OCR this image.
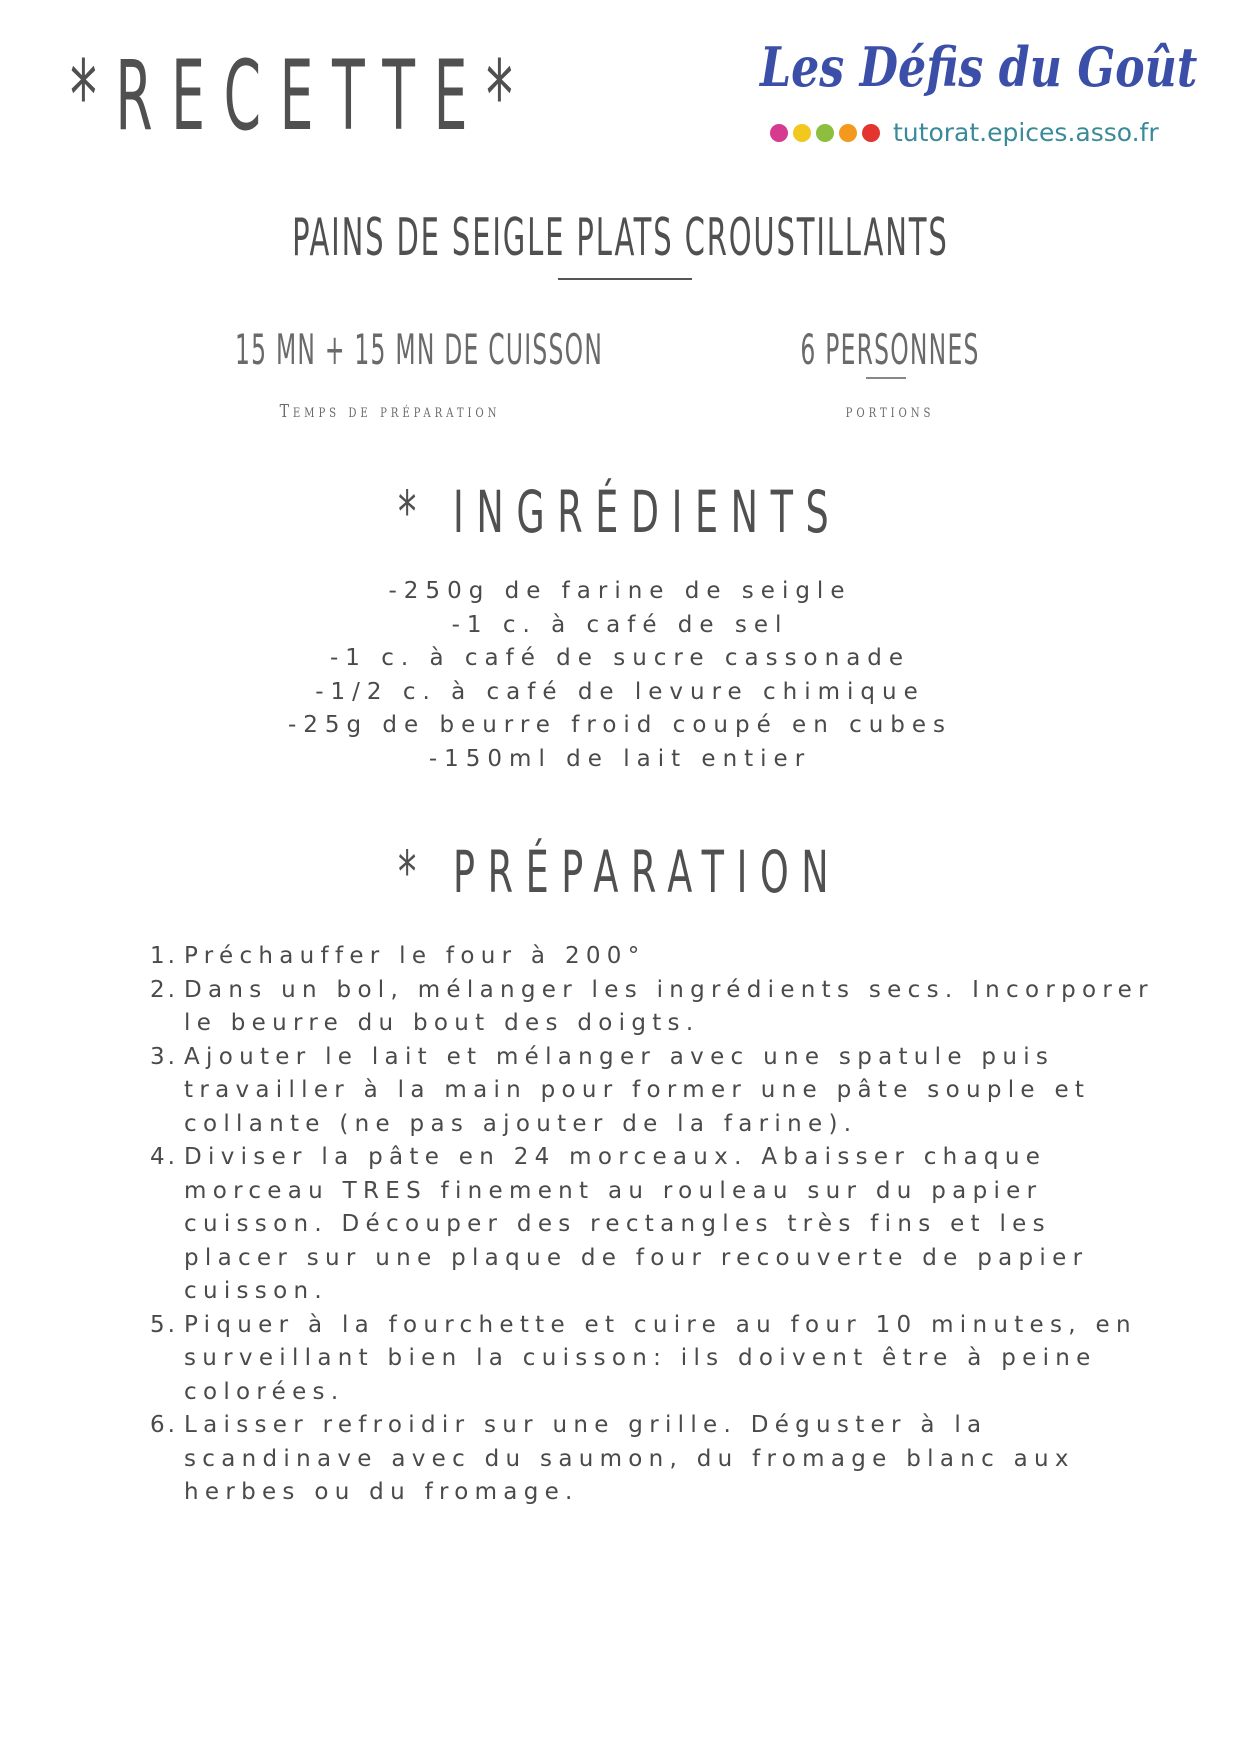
*RECETTE*	Les Défis du Goût
tutorat.epices.asso.fr
PAINS DE SEIGLE PLATS CROUSTILLANTS
15 MN + 15 MN DE CUISSON
Temps de préparation
6 PERSONNES
portions
* INGRÉDIENTS
-250g de farine de seigle
-1 c. à café de sel
-1 c. à café de sucre cassonade
-1/2 c. à café de levure chimique
-25g de beurre froid coupé en cubes
-150ml de lait entier
* PRÉPARATION
1. Préchauffer le four à 200°
2. Dans un bol, mélanger les ingrédients secs. Incorporer le beurre du bout des doigts.
3. Ajouter le lait et mélanger avec une spatule puis travailler à la main pour former une pâte souple et collante (ne pas ajouter de la farine).
4. Diviser la pâte en 24 morceaux. Abaisser chaque morceau TRES finement au rouleau sur du papier cuisson. Découper des rectangles très fins et les placer sur une plaque de four recouverte de papier cuisson.
5. Piquer à la fourchette et cuire au four 10 minutes, en surveillant bien la cuisson: ils doivent être à peine colorées.
6. Laisser refroidir sur une grille. Déguster à la scandinave avec du saumon, du fromage blanc aux herbes ou du fromage.
